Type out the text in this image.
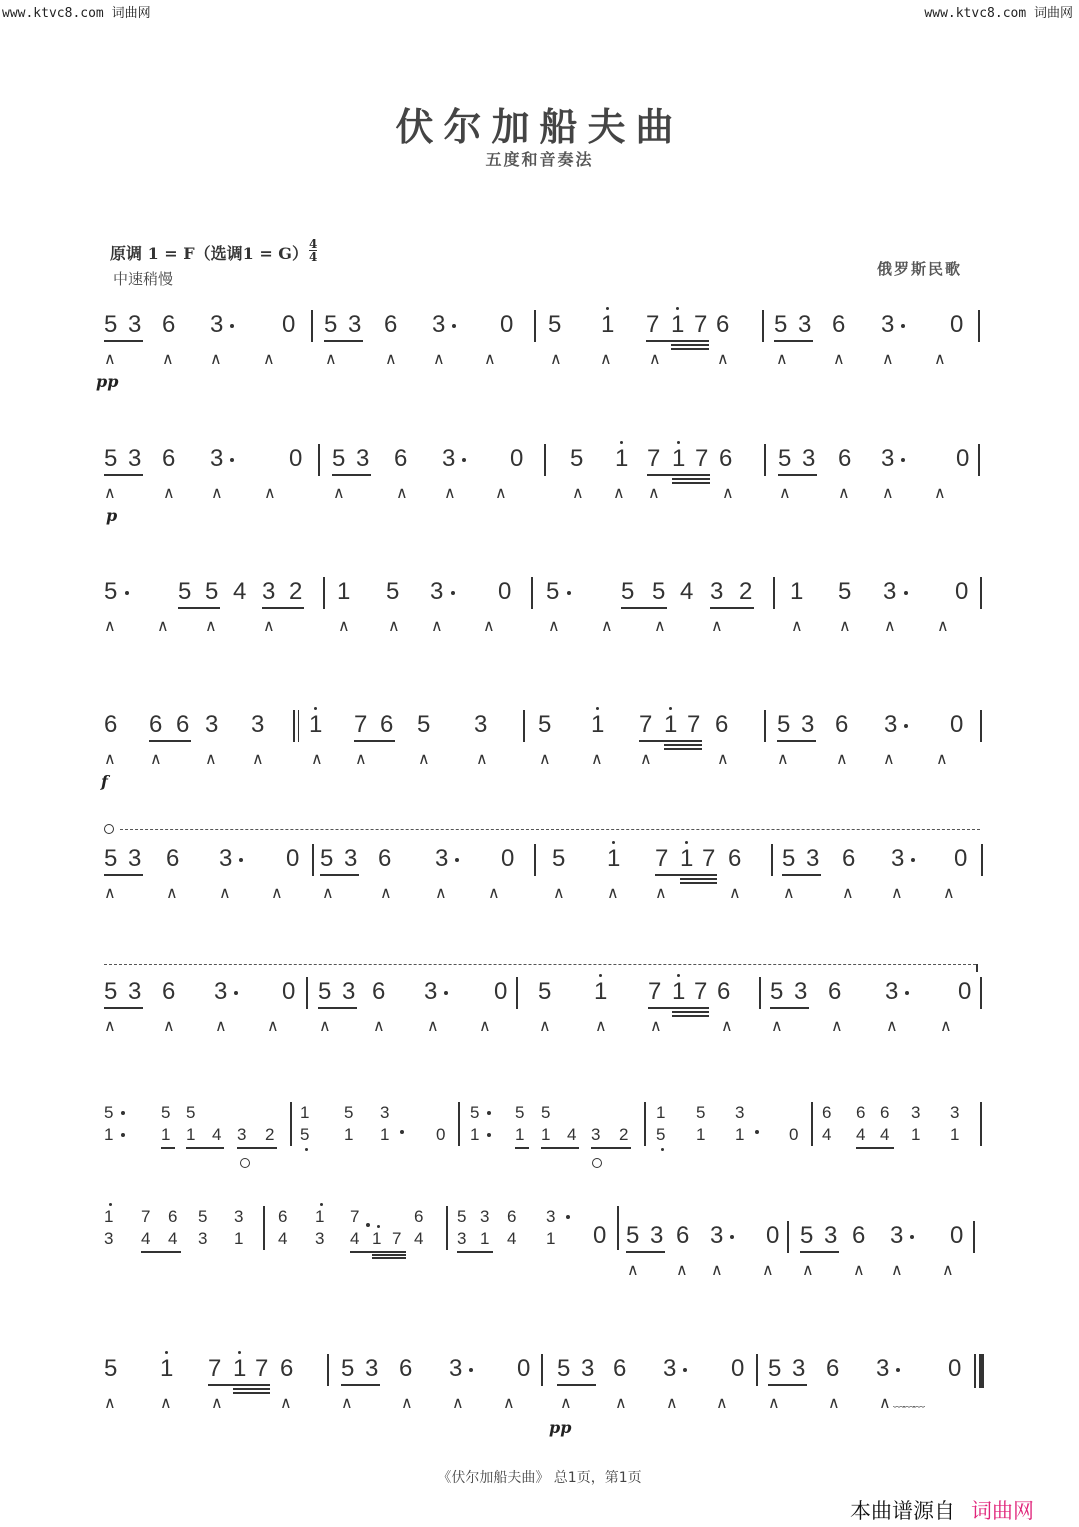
www.ktvc8.com 词曲网	www.ktvc8.com 词曲网
伏尔加船夫曲
五度和音奏法
原调 1 = F（选调1 = G） 4
4
中速稍慢
俄罗斯民歌
pp
p
f
pp
5 3 6 3 0 5 3 6 3 0 5 1 7 1 7 6 5 3 6 3 0
∧	∧ ∧	∧	∧	∧ ∧ ∧	∧ ∧ ∧	∧	∧	∧ ∧	∧
5 3 6 3	0 5 3 6 3 0 5 1 7 1 7 6 5 3 6 3	0
∧	∧ ∧	∧	∧	∧ ∧ ∧	∧ ∧ ∧	∧	∧	∧ ∧	∧
5	5 5 4 3 2 1 5 3 0 5	5 5 4 3 2 1 5 3 0
∧	∧ ∧	∧	∧ ∧ ∧	∧	∧	∧	∧	∧	∧ ∧ ∧	∧
6 6 6 3 3 1 7 6 5 3 5 1 7 1 7 6 5 3 6 3 0
∧ ∧	∧ ∧	∧ ∧	∧	∧	∧	∧ ∧	∧	∧	∧ ∧	∧
5 3 6 3 0 5 3 6 3 0 5 1 7 1 7 6 5 3 6 3 0
∧	∧	∧	∧ ∧	∧	∧	∧	∧	∧ ∧	∧	∧	∧ ∧	∧
5 3 6 3 0 5 3 6 3 0 5 1 7 1 7 6 5 3 6 3 0
∧	∧	∧	∧	∧	∧	∧	∧	∧	∧	∧	∧ ∧	∧	∧	∧
5
1
5 5
1 1 4 3 2
1
5
5
1
3
1	0
5
1
5 5
1 1 4 3 2
1
5
5
1
3
1	0
6
4
6 6
4 4
3
1
3
1
1
3
7 6
4 4
5
3
3
1
6
4
1
3
7
4 1 7
6
4
5 3 6
3 1 4
3
1 0 5 3 6 3 0 5 3 6 3 0
∧ ∧ ∧ ∧ ∧ ∧ ∧ ∧
5 1 7 1 7 6 5 3 6 3 0 5 3 6 3 0 5 3 6 3 0
∧	∧ ∧	∧	∧	∧ ∧ ∧	∧	∧ ∧ ∧	∧	∧ ∧ ﹏﹏﹏
《伏尔加船夫曲》 总1页，第1页
本曲谱源自 词曲网
